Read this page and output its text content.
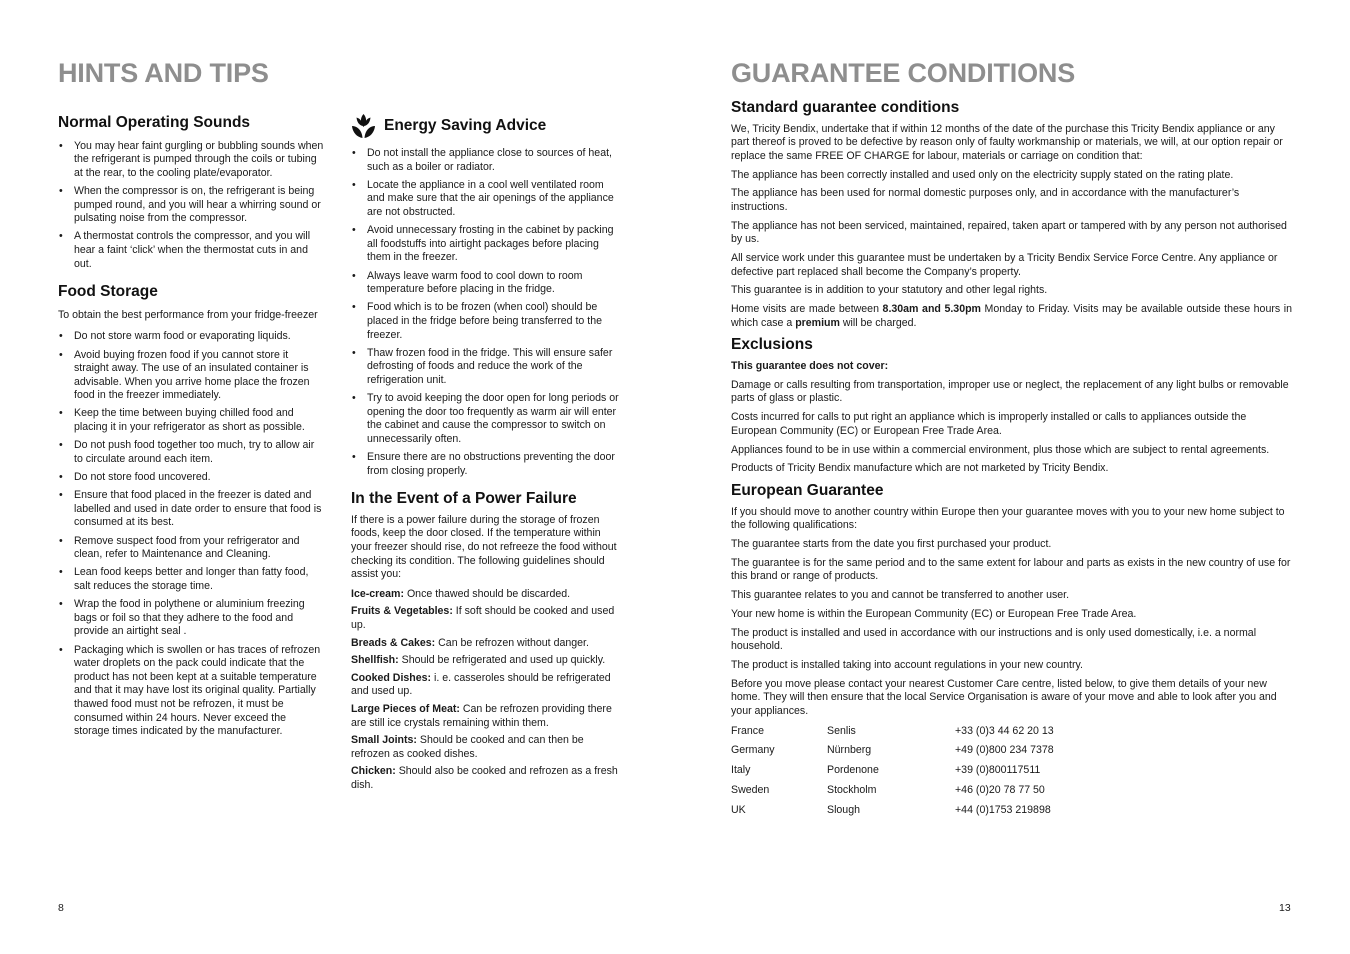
HINTS AND TIPS
Normal Operating Sounds
• You may hear faint gurgling or bubbling sounds when the refrigerant is pumped through the coils or tubing at the rear, to the cooling plate/evaporator.
• When the compressor is on, the refrigerant is being pumped round, and you will hear a whirring sound or pulsating noise from the compressor.
• A thermostat controls the compressor, and you will hear a faint ‘click’ when the thermostat cuts in and out.
Food Storage

To obtain the best performance from your fridge-freezer

• Do not store warm food or evaporating liquids.
• Avoid buying frozen food if you cannot store it straight away. The use of an insulated container is advisable. When you arrive home place the frozen food in the freezer immediately.
• Keep the time between buying chilled food and placing it in your refrigerator as short as possible.
• Do not push food together too much, try to allow air to circulate around each item.
• Do not store food uncovered.
• Ensure that food placed in the freezer is dated and labelled and used in date order to ensure that food is consumed at its best.
• Remove suspect food from your refrigerator and clean, refer to Maintenance and Cleaning.
• Lean food keeps better and longer than fatty food, salt reduces the storage time.
• Wrap the food in polythene or aluminium freezing bags or foil so that they adhere to the food and provide an airtight seal .
• Packaging which is swollen or has traces of refrozen water droplets on the pack could indicate that the product has not been kept at a suitable temperature and that it may have lost its original quality. Partially thawed food must not be refrozen, it must be consumed within 24 hours. Never exceed the storage times indicated by the manufacturer.
Energy Saving Advice
• Do not install the appliance close to sources of heat, such as a boiler or radiator.
• Locate the appliance in a cool well ventilated room and make sure that the air openings of the appliance are not obstructed.
• Avoid unnecessary frosting in the cabinet by packing all foodstuffs into airtight packages before placing them in the freezer.
• Always leave warm food to cool down to room temperature before placing in the fridge.
• Food which is to be frozen (when cool) should be placed in the fridge before being transferred to the freezer.
• Thaw frozen food in the fridge. This will ensure safer defrosting of foods and reduce the work of the refrigeration unit.
• Try to avoid keeping the door open for long periods or opening the door too frequently as warm air will enter the cabinet and cause the compressor to switch on unnecessarily often.
• Ensure there are no obstructions preventing the door from closing properly.
In the Event of a Power Failure

If there is a power failure during the storage of frozen foods, keep the door closed. If the temperature within your freezer should rise, do not refreeze the food without checking its condition. The following guidelines should assist you:

Ice-cream: Once thawed should be discarded.

Fruits & Vegetables: If soft should be cooked and used up.

Breads & Cakes: Can be refrozen without danger.

Shellfish: Should be refrigerated and used up quickly.

Cooked Dishes: i. e. casseroles should be refrigerated and used up.

Large Pieces of Meat: Can be refrozen providing there are still ice crystals remaining within them.

Small Joints: Should be cooked and can then be refrozen as cooked dishes.

Chicken: Should also be cooked and refrozen as a fresh dish.

8
GUARANTEE CONDITIONS
Standard guarantee conditions

We, Tricity Bendix, undertake that if within 12 months of the date of the purchase this Tricity Bendix appliance or any part thereof is proved to be defective by reason only of faulty workmanship or materials, we will, at our option repair or replace the same FREE OF CHARGE for labour, materials or carriage on condition that:

The appliance has been correctly installed and used only on the electricity supply stated on the rating plate.

The appliance has been used for normal domestic purposes only, and in accordance with the manufacturer’s instructions.

The appliance has not been serviced, maintained, repaired, taken apart or tampered with by any person not authorised by us.

All service work under this guarantee must be undertaken by a Tricity Bendix Service Force Centre. Any appliance or defective part replaced shall become the Company’s property.

This guarantee is in addition to your statutory and other legal rights.

Home visits are made between 8.30am and 5.30pm Monday to Friday. Visits may be available outside these hours in which case a premium will be charged.

Exclusions

This guarantee does not cover:

Damage or calls resulting from transportation, improper use or neglect, the replacement of any light bulbs or removable parts of glass or plastic.

Costs incurred for calls to put right an appliance which is improperly installed or calls to appliances outside the European Community (EC) or European Free Trade Area.

Appliances found to be in use within a commercial environment, plus those which are subject to rental agreements.

Products of Tricity Bendix manufacture which are not marketed by Tricity Bendix.

European Guarantee

If you should move to another country within Europe then your guarantee moves with you to your new home subject to the following qualifications:

The guarantee starts from the date you first purchased your product.

The guarantee is for the same period and to the same extent for labour and parts as exists in the new country of use for this brand or range of products.

This guarantee relates to you and cannot be transferred to another user.

Your new home is within the European Community (EC) or European Free Trade Area.

The product is installed and used in accordance with our instructions and is only used domestically, i.e. a normal household.

The product is installed taking into account regulations in your new country.

Before you move please contact your nearest Customer Care centre, listed below, to give them details of your new home. They will then ensure that the local Service Organisation is aware of your move and able to look after you and your appliances.

France	Senlis	+33 (0)3 44 62 20 13
Germany	Nürnberg	+49 (0)800 234 7378
Italy	Pordenone	+39 (0)800117511
Sweden	Stockholm	+46 (0)20 78 77 50
UK	Slough	+44 (0)1753 219898
13
